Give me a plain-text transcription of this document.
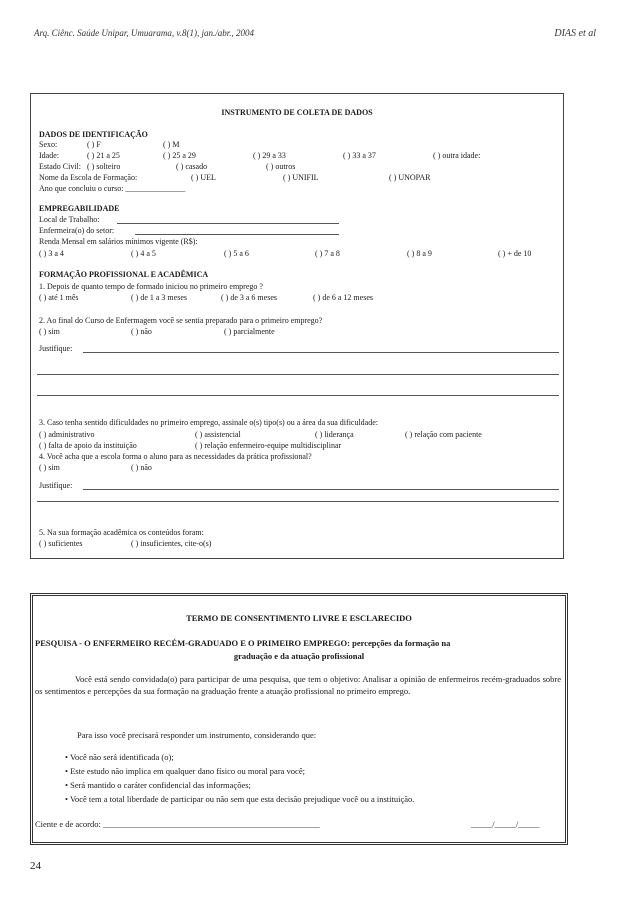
Arq. Ciênc. Saúde Unipar, Umuarama, v.8(1), jan./abr., 2004	DIAS et al
INSTRUMENTO DE COLETA DE DADOS
DADOS DE IDENTIFICAÇÃO
Sexo:	( ) F	( ) M
Idade:	( ) 21 a 25	( ) 25 a 29	( ) 29 a 33	( ) 33 a 37	( ) outra idade:
Estado Civil: ( ) solteiro	( ) casado	( ) outros
Nome da Escola de Formação:	( ) UEL	( ) UNIFIL	( ) UNOPAR
Ano que concluiu o curso: _______________
EMPREGABILIDADE
Local de Trabalho:
Enfermeira(o) do setor:
Renda Mensal em salários mínimos vigente (R$):
( ) 3 a 4	( ) 4 a 5	( ) 5 a 6	( ) 7 a 8	( ) 8 a 9	( ) + de 10
FORMAÇÃO PROFISSIONAL E ACADÊMICA
1. Depois de quanto tempo de formado iniciou no primeiro emprego ?
( ) até 1 mês	( ) de 1 a 3 meses	( ) de 3 a 6 meses	( ) de 6 a 12 meses
2. Ao final do Curso de Enfermagem você se sentia preparado para o primeiro emprego?
( ) sim	( ) não	( ) parcialmente
Justifique:
3. Caso tenha sentido dificuldades no primeiro emprego, assinale o(s) tipo(s) ou a área da sua dificuldade:
( ) administrativo	( ) assistencial	( ) liderança	( ) relação com paciente
( ) falta de apoio da instituição	( ) relação enfermeiro-equipe multidisciplinar
4. Você acha que a escola forma o aluno para as necessidades da prática profissional?
( ) sim	( ) não
Justifique:
5. Na sua formação acadêmica os conteúdos foram:
( ) suficientes	( ) insuficientes, cite-o(s)
TERMO DE CONSENTIMENTO LIVRE E ESCLARECIDO
PESQUISA - O ENFERMEIRO RECÉM-GRADUADO E O PRIMEIRO EMPREGO: percepções da formação na
graduação e da atuação profissional
Você está sendo convidada(o) para participar de uma pesquisa, que tem o objetivo: Analisar a opinião de enfermeiros recém-graduados sobre os sentimentos e percepções da sua formação na graduação frente a atuação profissional no primeiro emprego.
Para isso você precisará responder um instrumento, considerando que:
• Você não será identificada (o);
• Este estudo não implica em qualquer dano físico ou moral para você;
• Será mantido o caráter confidencial das informações;
• Você tem a total liberdade de participar ou não sem que esta decisão prejudique você ou a instituição.
Ciente e de acordo: ___________________________________________________	_____/_____/_____
24
